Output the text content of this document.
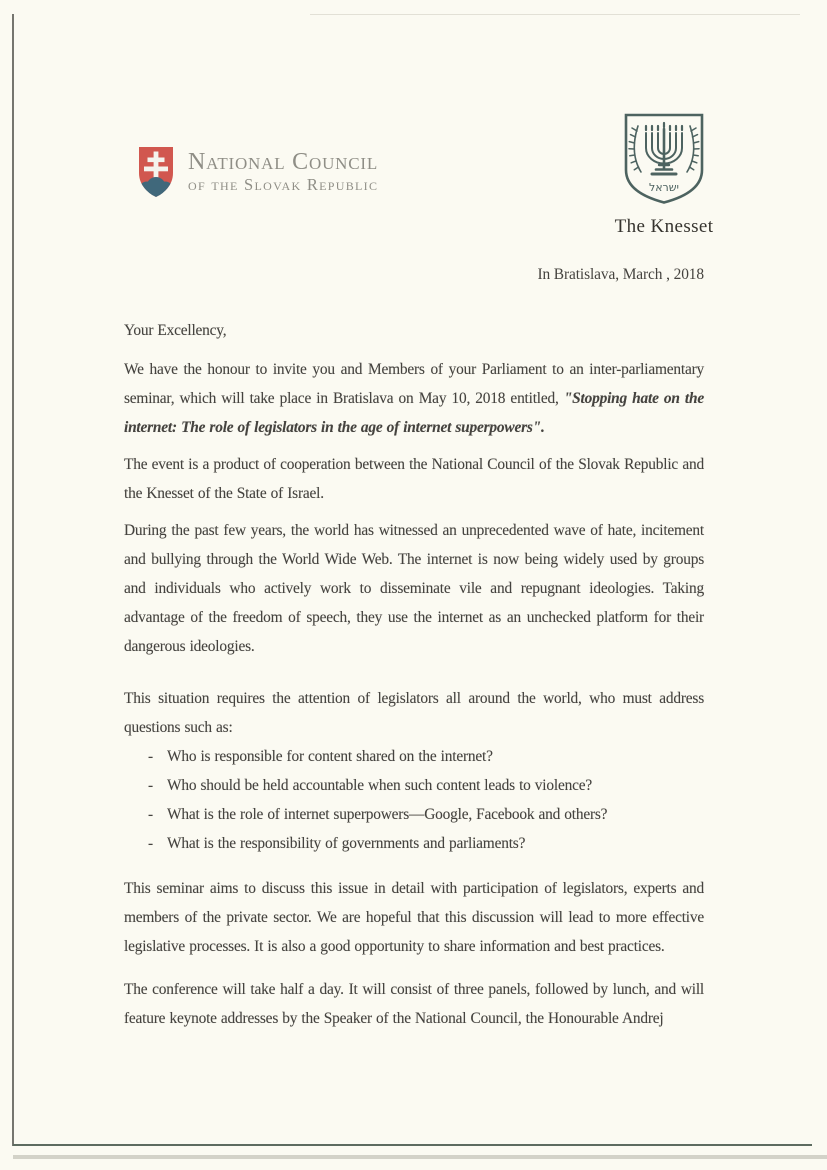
National Council
of the Slovak Republic	ישראל
The Knesset
In Bratislava, March , 2018

Your Excellency,

We have the honour to invite you and Members of your Parliament to an inter-parliamentary seminar, which will take place in Bratislava on May 10, 2018 entitled, "Stopping hate on the internet: The role of legislators in the age of internet superpowers".

The event is a product of cooperation between the National Council of the Slovak Republic and the Knesset of the State of Israel.

During the past few years, the world has witnessed an unprecedented wave of hate, incitement and bullying through the World Wide Web. The internet is now being widely used by groups and individuals who actively work to disseminate vile and repugnant ideologies. Taking advantage of the freedom of speech, they use the internet as an unchecked platform for their dangerous ideologies.

This situation requires the attention of legislators all around the world, who must address questions such as:

- Who is responsible for content shared on the internet?
- Who should be held accountable when such content leads to violence?
- What is the role of internet superpowers—Google, Facebook and others?
- What is the responsibility of governments and parliaments?

This seminar aims to discuss this issue in detail with participation of legislators, experts and members of the private sector. We are hopeful that this discussion will lead to more effective legislative processes. It is also a good opportunity to share information and best practices.

The conference will take half a day. It will consist of three panels, followed by lunch, and will feature keynote addresses by the Speaker of the National Council, the Honourable Andrej
